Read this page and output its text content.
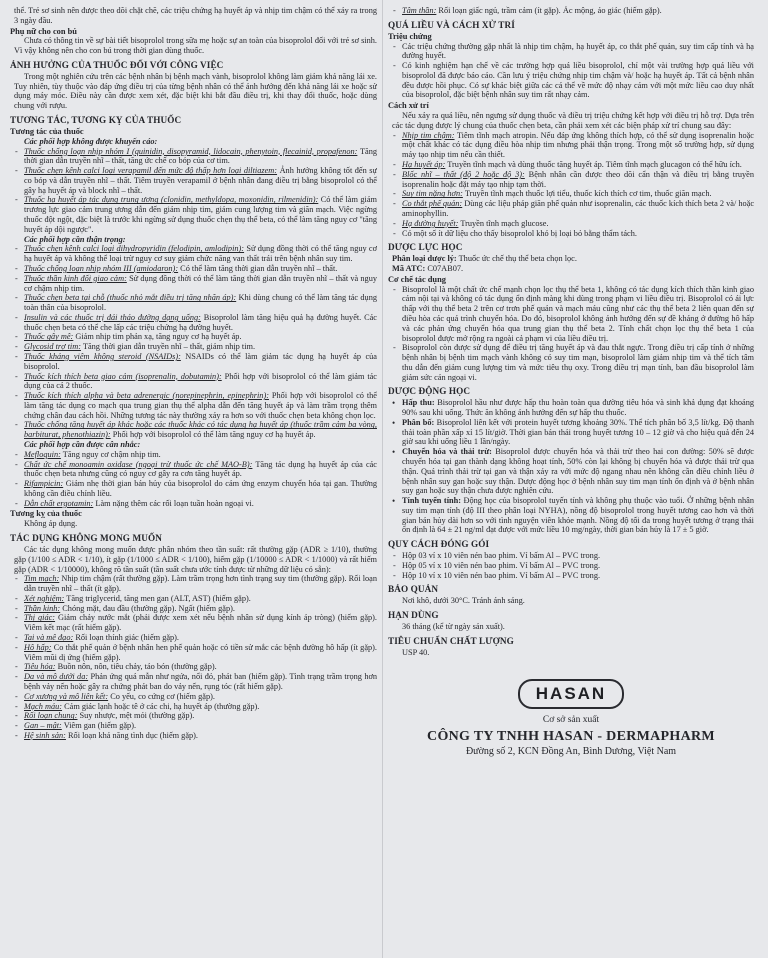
thể. Trẻ sơ sinh nên được theo dõi chặt chẽ, các triệu chứng hạ huyết áp và nhịp tim chậm có thể xảy ra trong 3 ngày đầu.

Phụ nữ cho con bú

Chưa có thông tin về sự bài tiết bisoprolol trong sữa mẹ hoặc sự an toàn của bisoprolol đối với trẻ sơ sinh. Vì vậy không nên cho con bú trong thời gian dùng thuốc.

ẢNH HƯỞNG CỦA THUỐC ĐỐI VỚI CÔNG VIỆC

Trong một nghiên cứu trên các bệnh nhân bị bệnh mạch vành, bisoprolol không làm giảm khả năng lái xe. Tuy nhiên, tùy thuộc vào đáp ứng điều trị của từng bệnh nhân có thể ảnh hưởng đến khả năng lái xe hoặc sử dụng máy móc. Điều này cần được xem xét, đặc biệt khi bắt đầu điều trị, khi thay đổi thuốc, hoặc dùng chung với rượu.

TƯƠNG TÁC, TƯƠNG KỴ CỦA THUỐC
Tương tác của thuốc
Các phối hợp không được khuyến cáo:
- Thuốc chống loạn nhịp nhóm I (quinidin, disopyramid, lidocain, phenytoin, flecainid, propafenon: Tăng thời gian dẫn truyền nhĩ – thất, tăng ức chế co bóp của cơ tim.
- Thuốc chẹn kênh calci loại verapamil đến mức độ thấp hơn loại diltiazem: Ảnh hưởng không tốt đến sự co bóp và dẫn truyền nhĩ – thất. Tiêm truyền verapamil ở bệnh nhân đang điều trị bằng bisoprolol có thể gây hạ huyết áp và block nhĩ – thất.
- Thuốc hạ huyết áp tác dụng trung ương (clonidin, methyldopa, moxonidin, rilmenidin): Có thể làm giảm trương lực giao cảm trung ương dẫn đến giảm nhịp tim, giảm cung lượng tim và giãn mạch. Việc ngừng thuốc đột ngột, đặc biệt là trước khi ngừng sử dụng thuốc chẹn thụ thể beta, có thể làm tăng nguy cơ "tăng huyết áp dội ngược".
Các phối hợp cần thận trọng:
- Thuốc chẹn kênh calci loại dihydropyridin (felodipin, amlodipin): Sử dụng đồng thời có thể tăng nguy cơ hạ huyết áp và không thể loại trừ nguy cơ suy giảm chức năng van thất trái trên bệnh nhân suy tim.
- Thuốc chống loạn nhịp nhóm III (amiodaron): Có thể làm tăng thời gian dẫn truyền nhĩ – thất.
- Thuốc thần kinh đối giao cảm: Sử dụng đồng thời có thể làm tăng thời gian dẫn truyền nhĩ – thất và nguy cơ chậm nhịp tim.
- Thuốc chẹn beta tại chỗ (thuốc nhỏ mắt điều trị tăng nhãn áp): Khi dùng chung có thể làm tăng tác dụng toàn thân của bisoprolol.
- Insulin và các thuốc trị đái tháo đường dạng uống: Bisoprolol làm tăng hiệu quả hạ đường huyết. Các thuốc chẹn beta có thể che lấp các triệu chứng hạ đường huyết.
- Thuốc gây mê: Giảm nhịp tim phản xạ, tăng nguy cơ hạ huyết áp.
- Glycosid trợ tim: Tăng thời gian dẫn truyền nhĩ – thất, giảm nhịp tim.
- Thuốc kháng viêm không steroid (NSAIDs): NSAIDs có thể làm giảm tác dụng hạ huyết áp của bisoprolol.
- Thuốc kích thích beta giao cảm (isoprenalin, dobutamin): Phối hợp với bisoprolol có thể làm giảm tác dụng của cả 2 thuốc.
- Thuốc kích thích alpha và beta adrenergic (norepinephrin, epinephrin): Phối hợp với bisoprolol có thể làm tăng tác dụng co mạch qua trung gian thụ thể alpha dẫn đến tăng huyết áp và làm trầm trọng thêm chứng chân đau cách hồi. Những tương tác này thường xảy ra hơn so với thuốc chẹn beta không chọn lọc.
- Thuốc chống tăng huyết áp khác hoặc các thuốc khác có tác dụng hạ huyết áp (thuốc trầm cảm ba vòng, barbiturat, phenothiazin): Phối hợp với bisoprolol có thể làm tăng nguy cơ hạ huyết áp.
Các phối hợp cần được cân nhắc:
- Mefloquin: Tăng nguy cơ chậm nhịp tim.
- Chất ức chế monoamin oxidase (ngoại trừ thuốc ức chế MAO-B): Tăng tác dụng hạ huyết áp của các thuốc chẹn beta nhưng cũng có nguy cơ gây ra cơn tăng huyết áp.
- Rifampicin: Giảm nhẹ thời gian bán hủy của bisoprolol do cảm ứng enzym chuyển hóa tại gan. Thường không cần điều chỉnh liều.
- Dẫn chất ergotamin: Làm nặng thêm các rối loạn tuần hoàn ngoại vi.
Tương kỵ của thuốc

Không áp dụng.

TÁC DỤNG KHÔNG MONG MUỐN

Các tác dụng không mong muốn được phân nhóm theo tần suất: rất thường gặp (ADR ≥ 1/10), thường gặp (1/100 ≤ ADR < 1/10), ít gặp (1/1000 ≤ ADR < 1/100), hiếm gặp (1/10000 ≤ ADR < 1/1000) và rất hiếm gặp (ADR < 1/10000), không rõ tần suất (tần suất chưa ước tính được từ những dữ liệu có sẵn):

- Tim mạch: Nhịp tim chậm (rất thường gặp). Làm trầm trọng hơn tình trạng suy tim (thường gặp). Rối loạn dẫn truyền nhĩ – thất (ít gặp).
- Xét nghiệm: Tăng triglycerid, tăng men gan (ALT, AST) (hiếm gặp).
- Thần kinh: Chóng mặt, đau đầu (thường gặp). Ngất (hiếm gặp).
- Thị giác: Giảm chảy nước mắt (phải được xem xét nếu bệnh nhân sử dụng kính áp tròng) (hiếm gặp). Viêm kết mạc (rất hiếm gặp).
- Tai và mê đạo: Rối loạn thính giác (hiếm gặp).
- Hô hấp: Co thắt phế quản ở bệnh nhân hen phế quản hoặc có tiền sử mắc các bệnh đường hô hấp (ít gặp). Viêm mũi dị ứng (hiếm gặp).
- Tiêu hóa: Buồn nôn, nôn, tiêu chảy, táo bón (thường gặp).
- Da và mô dưới da: Phản ứng quá mẫn như ngứa, nổi đỏ, phát ban (hiếm gặp). Tình trạng trầm trọng hơn bệnh vảy nến hoặc gây ra chứng phát ban do vảy nến, rụng tóc (rất hiếm gặp).
- Cơ xương và mô liên kết: Co yếu, co cứng cơ (hiếm gặp).
- Mạch máu: Cảm giác lạnh hoặc tê ở các chi, hạ huyết áp (thường gặp).
- Rối loạn chung: Suy nhược, mệt mỏi (thường gặp).
- Gan – mật: Viêm gan (hiếm gặp).
- Hệ sinh sản: Rối loạn khả năng tình dục (hiếm gặp).
- Tâm thần: Rối loạn giấc ngủ, trầm cảm (ít gặp). Ác mộng, ảo giác (hiếm gặp).
QUÁ LIỀU VÀ CÁCH XỬ TRÍ
Triệu chứng
- Các triệu chứng thường gặp nhất là nhịp tim chậm, hạ huyết áp, co thắt phế quản, suy tim cấp tính và hạ đường huyết.
- Có kinh nghiệm hạn chế về các trường hợp quá liều bisoprolol, chỉ một vài trường hợp quá liều với bisoprolol đã được báo cáo. Cần lưu ý triệu chứng nhịp tim chậm và/ hoặc hạ huyết áp. Tất cả bệnh nhân đều được hồi phục. Có sự khác biệt giữa các cá thể về mức độ nhạy cảm với một mức liều cao duy nhất của bisoprolol, đặc biệt bệnh nhân suy tim rất nhạy cảm.
Cách xử trí

Nếu xảy ra quá liều, nên ngưng sử dụng thuốc và điều trị triệu chứng kết hợp với điều trị hỗ trợ. Dựa trên các tác dụng được lý chung của thuốc chẹn beta, cần phải xem xét các biện pháp xử trí chung sau đây:

- Nhịp tim chậm: Tiêm tĩnh mạch atropin. Nếu đáp ứng không thích hợp, có thể sử dụng isoprenalin hoặc một chất khác có tác dụng điều hòa nhịp tim nhưng phải thận trọng. Trong một số trường hợp, sử dụng máy tạo nhịp tim nếu cần thiết.
- Hạ huyết áp: Truyền tĩnh mạch và dùng thuốc tăng huyết áp. Tiêm tĩnh mạch glucagon có thể hữu ích.
- Blốc nhĩ – thất (độ 2 hoặc độ 3): Bệnh nhân cần được theo dõi cẩn thận và điều trị bằng truyền isoprenalin hoặc đặt máy tạo nhịp tạm thời.
- Suy tim nặng hơn: Truyền tĩnh mạch thuốc lợi tiểu, thuốc kích thích cơ tim, thuốc giãn mạch.
- Co thắt phế quản: Dùng các liệu pháp giãn phế quản như isoprenalin, các thuốc kích thích beta 2 và/ hoặc aminophyllin.
- Hạ đường huyết: Truyền tĩnh mạch glucose.
- Có một số ít dữ liệu cho thấy bisoprolol khó bị loại bỏ bằng thẩm tách.
DƯỢC LỰC HỌC

Phân loại dược lý: Thuốc ức chế thụ thể beta chọn lọc.

Mã ATC: C07AB07.

Cơ chế tác dụng
- Bisoprolol là một chất ức chế mạnh chọn lọc thụ thể beta 1, không có tác dụng kích thích thần kinh giao cảm nội tại và không có tác dụng ổn định màng khi dùng trong phạm vi liều điều trị. Bisoprolol có ái lực thấp với thụ thể beta 2 trên cơ trơn phế quản và mạch máu cũng như các thụ thể beta 2 liên quan đến sự điều hòa các quá trình chuyển hóa. Do đó, bisoprolol không ảnh hưởng đến sự đề kháng ở đường hô hấp và các phản ứng chuyển hóa qua trung gian thụ thể beta 2. Tính chất chọn lọc thụ thể beta 1 của bisoprolol được mở rộng ra ngoài cả phạm vi của liều điều trị.
- Bisoprolol còn được sử dụng để điều trị tăng huyết áp và đau thắt ngực. Trong điều trị cấp tính ở những bệnh nhân bị bệnh tim mạch vành không có suy tim mạn, bisoprolol làm giảm nhịp tim và thể tích tâm thu dẫn đến giảm cung lượng tim và mức tiêu thụ oxy. Trong điều trị mạn tính, ban đầu bisoprolol làm giảm sức cản ngoại vi.
DƯỢC ĐỘNG HỌC
• Hấp thu: Bisoprolol hầu như được hấp thu hoàn toàn qua đường tiêu hóa và sinh khả dụng đạt khoảng 90% sau khi uống. Thức ăn không ảnh hưởng đến sự hấp thu thuốc.
• Phân bố: Bisoprolol liên kết với protein huyết tương khoảng 30%. Thể tích phân bố 3,5 lít/kg. Độ thanh thải toàn phần xấp xỉ 15 lít/giờ. Thời gian bán thải trong huyết tương 10 – 12 giờ và cho hiệu quả đến 24 giờ sau khi uống liều 1 lần/ngày.
• Chuyển hóa và thải trừ: Bisoprolol được chuyển hóa và thải trừ theo hai con đường: 50% sẽ được chuyển hóa tại gan thành dạng không hoạt tính, 50% còn lại không bị chuyển hóa và được thải trừ qua thận. Quá trình thải trừ tại gan và thận xảy ra với mức độ ngang nhau nên không cần điều chỉnh liều ở bệnh nhân suy gan hoặc suy thận. Dược động học ở bệnh nhân suy tim mạn tính ổn định và ở bệnh nhân suy gan hoặc suy thận chưa được nghiên cứu.
• Tính tuyến tính: Động học của bisoprolol tuyến tính và không phụ thuộc vào tuổi. Ở những bệnh nhân suy tim mạn tính (độ III theo phân loại NYHA), nồng độ bisoprolol trong huyết tương cao hơn và thời gian bán hủy dài hơn so với tình nguyện viên khỏe mạnh. Nồng độ tối đa trong huyết tương ở trạng thái ổn định là 64 ± 21 ng/ml đạt được với mức liều 10 mg/ngày, thời gian bán hủy là 17 ± 5 giờ.
QUY CÁCH ĐÓNG GÓI
- Hộp 03 vỉ x 10 viên nén bao phim. Vỉ bấm Al – PVC trong.
- Hộp 05 vỉ x 10 viên nén bao phim. Vỉ bấm Al – PVC trong.
- Hộp 10 vỉ x 10 viên nén bao phim. Vỉ bấm Al – PVC trong.
BẢO QUẢN

Nơi khô, dưới 30°C. Tránh ánh sáng.

HẠN DÙNG

36 tháng (kể từ ngày sản xuất).

TIÊU CHUẨN CHẤT LƯỢNG

USP 40.

HASAN
Cơ sở sản xuất
CÔNG TY TNHH HASAN - DERMAPHARM
Đường số 2, KCN Đồng An, Bình Dương, Việt Nam
